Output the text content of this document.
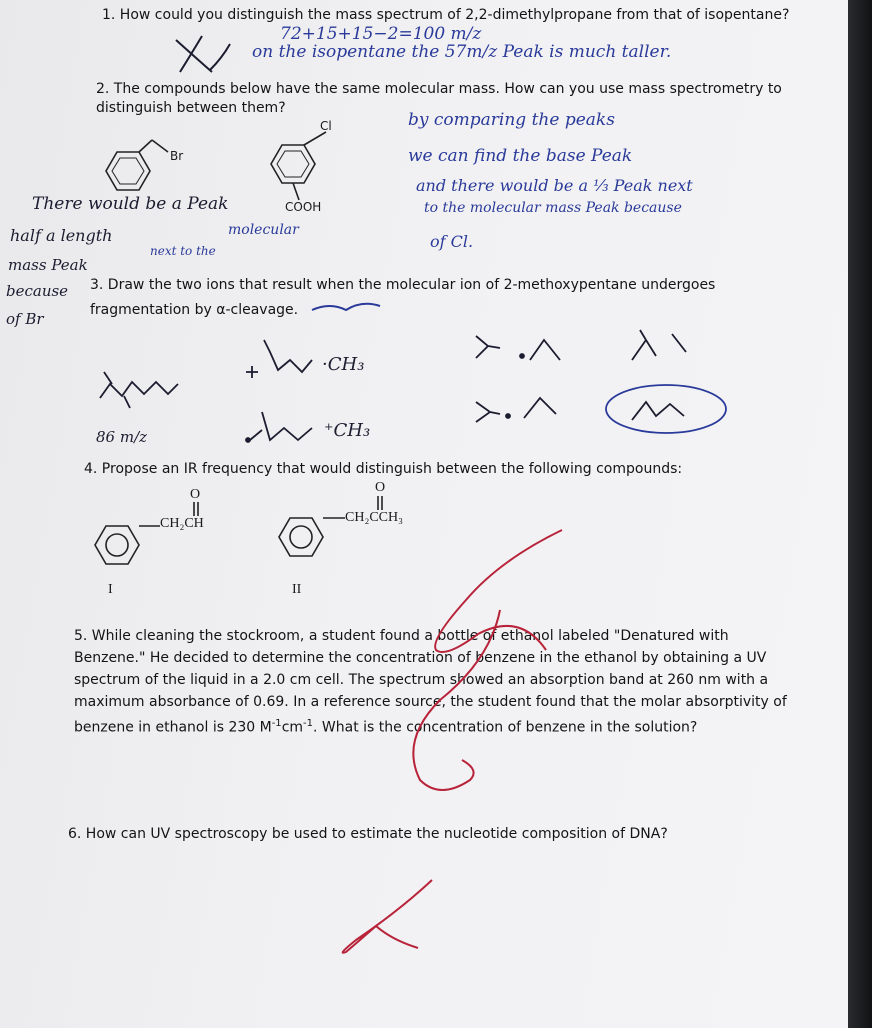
1. How could you distinguish the mass spectrum of 2,2-dimethylpropane from that of isopentane?
2. The compounds below have the same molecular mass. How can you use mass spectrometry to
distinguish between them?
3. Draw the two ions that result when the molecular ion of 2-methoxypentane undergoes
fragmentation by α-cleavage.
4. Propose an IR frequency that would distinguish between the following compounds:
5. While cleaning the stockroom, a student found a bottle of ethanol labeled "Denatured with
Benzene." He decided to determine the concentration of benzene in the ethanol by obtaining a UV
spectrum of the liquid in a 2.0 cm cell. The spectrum showed an absorption band at 260 nm with a
maximum absorbance of 0.69. In a reference source, the student found that the molar absorptivity of
benzene in ethanol is 230 $M^{-1}cm^{-1}$. What is the concentration of benzene in the solution?
6. How can UV spectroscopy be used to estimate the nucleotide composition of DNA?
Br
Cl
COOH
O	O
CH₂CH	CH₂CCH₃
I	II
72+15+15−2=100 m/z
on the isopentane the 57m/z Peak is much taller.
by comparing the peaks
we can find the base Peak
and there would be a ⅓ Peak next
to the molecular mass Peak because
of Cl.
There would be a Peak
half a length	molecular
mass Peak
next to the
because
of Br
86 m/z
·CH₃
⁺CH₃
